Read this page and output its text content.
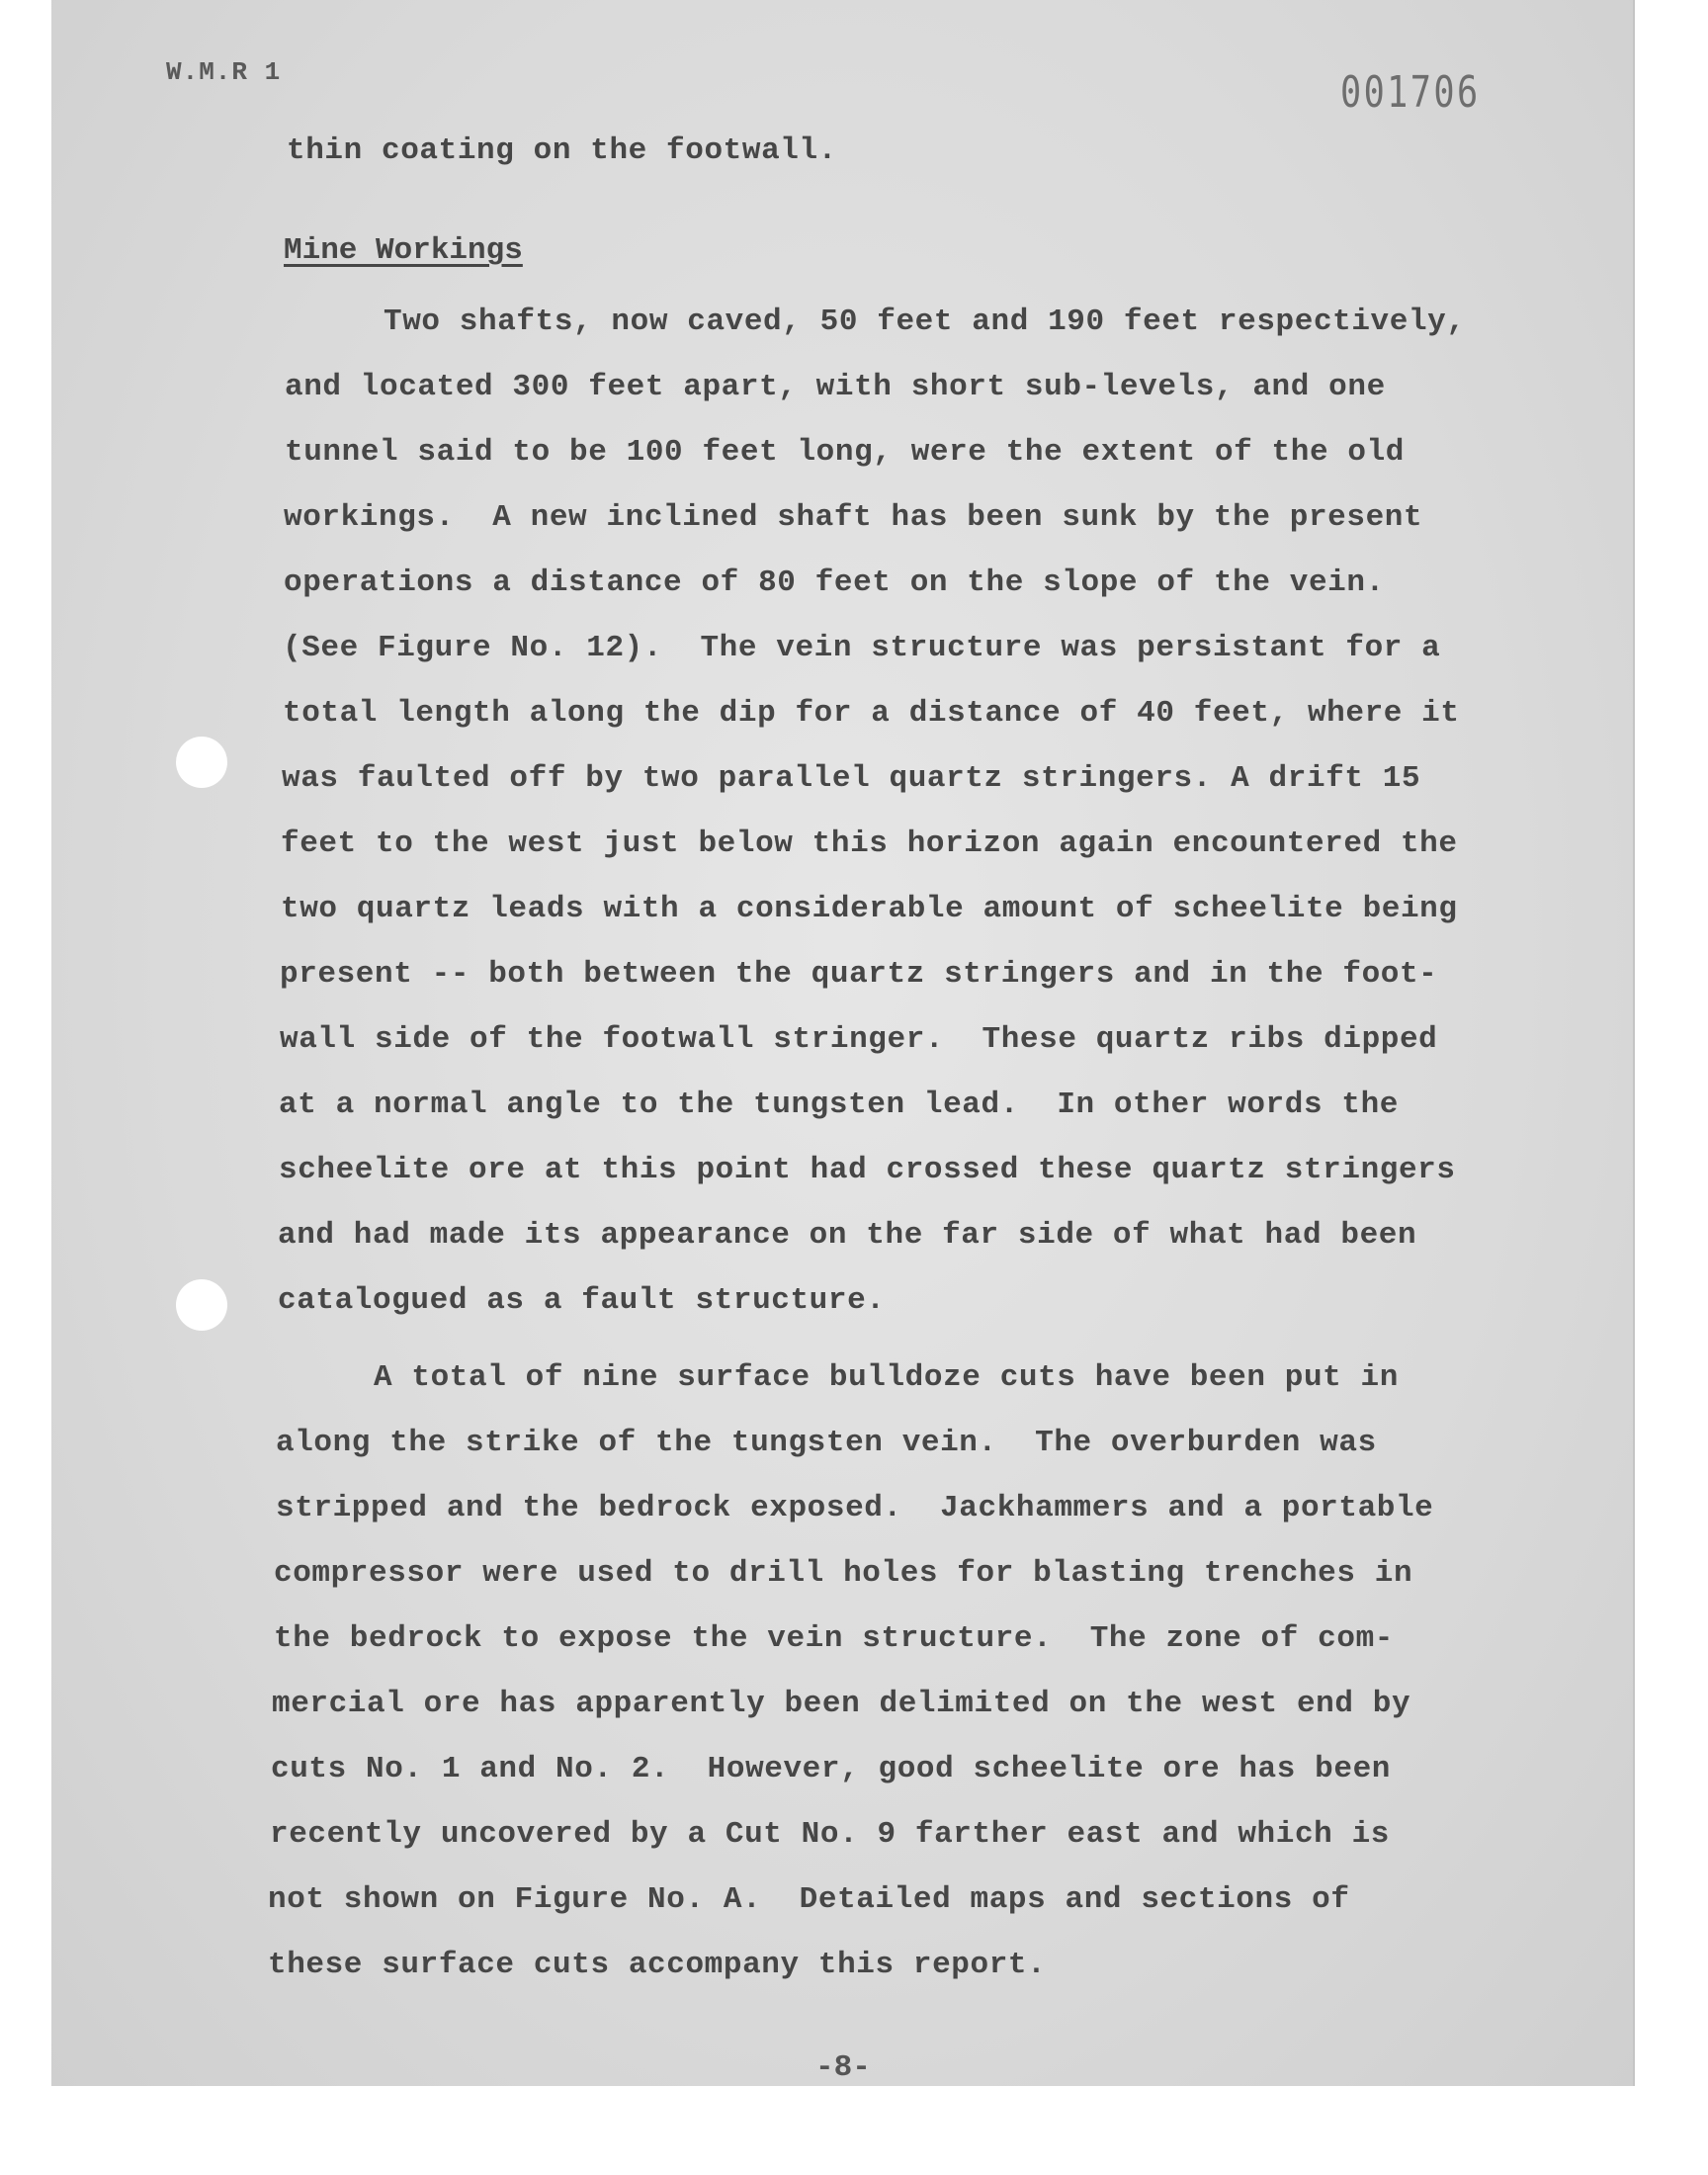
W.M.R 1	001706
thin coating on the footwall.
Mine Workings
Two shafts, now caved, 50 feet and 190 feet respectively,
and located 300 feet apart, with short sub-levels, and one
tunnel said to be 100 feet long, were the extent of the old
workings.  A new inclined shaft has been sunk by the present
operations a distance of 80 feet on the slope of the vein.
(See Figure No. 12).  The vein structure was persistant for a
total length along the dip for a distance of 40 feet, where it
was faulted off by two parallel quartz stringers. A drift 15
feet to the west just below this horizon again encountered the
two quartz leads with a considerable amount of scheelite being
present -- both between the quartz stringers and in the foot-
wall side of the footwall stringer.  These quartz ribs dipped
at a normal angle to the tungsten lead.  In other words the
scheelite ore at this point had crossed these quartz stringers
and had made its appearance on the far side of what had been
catalogued as a fault structure.
A total of nine surface bulldoze cuts have been put in
along the strike of the tungsten vein.  The overburden was
stripped and the bedrock exposed.  Jackhammers and a portable
compressor were used to drill holes for blasting trenches in
the bedrock to expose the vein structure.  The zone of com-
mercial ore has apparently been delimited on the west end by
cuts No. 1 and No. 2.  However, good scheelite ore has been
recently uncovered by a Cut No. 9 farther east and which is
not shown on Figure No. A.  Detailed maps and sections of
these surface cuts accompany this report.
-8-
